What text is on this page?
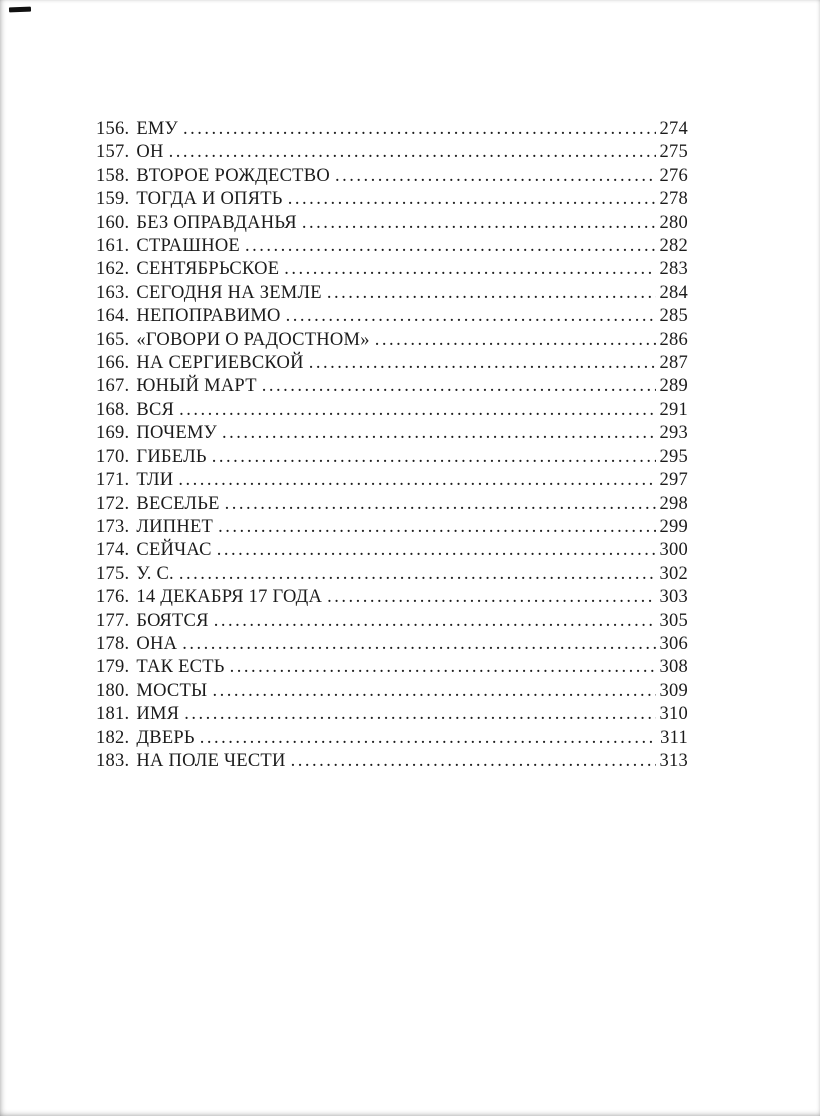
156. ЕМУ .....	274
157. ОН .....	275
158. ВТОРОЕ РОЖДЕСТВО .....	276
159. ТОГДА И ОПЯТЬ .....	278
160. БЕЗ ОПРАВДАНЬЯ .....	280
161. СТРАШНОЕ .....	282
162. СЕНТЯБРЬСКОЕ .....	283
163. СЕГОДНЯ НА ЗЕМЛЕ .....	284
164. НЕПОПРАВИМО .....	285
165. «ГОВОРИ О РАДОСТНОМ» .....	286
166. НА СЕРГИЕВСКОЙ .....	287
167. ЮНЫЙ МАРТ .....	289
168. ВСЯ .....	291
169. ПОЧЕМУ .....	293
170. ГИБЕЛЬ .....	295
171. ТЛИ .....	297
172. ВЕСЕЛЬЕ .....	298
173. ЛИПНЕТ .....	299
174. СЕЙЧАС .....	300
175. У. С. .....	302
176. 14 ДЕКАБРЯ 17 ГОДА .....	303
177. БОЯТСЯ .....	305
178. ОНА .....	306
179. ТАК ЕСТЬ .....	308
180. МОСТЫ .....	309
181. ИМЯ .....	310
182. ДВЕРЬ .....	311
183. НА ПОЛЕ ЧЕСТИ .....	313
